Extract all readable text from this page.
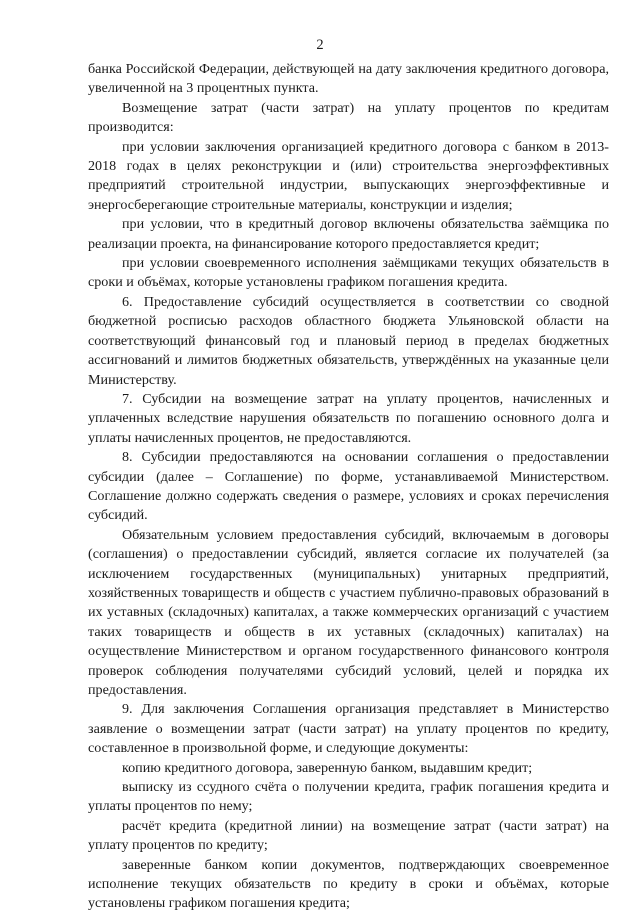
2

банка Российской Федерации, действующей на дату заключения кредитного договора, увеличенной на 3 процентных пункта.

Возмещение затрат (части затрат) на уплату процентов по кредитам производится:

при условии заключения организацией кредитного договора с банком в 2013-2018 годах в целях реконструкции и (или) строительства энергоэффективных предприятий строительной индустрии, выпускающих энергоэффективные и энергосберегающие строительные материалы, конструкции и изделия;

при условии, что в кредитный договор включены обязательства заёмщика по реализации проекта, на финансирование которого предоставляется кредит;

при условии своевременного исполнения заёмщиками текущих обязательств в сроки и объёмах, которые установлены графиком погашения кредита.

6. Предоставление субсидий осуществляется в соответствии со сводной бюджетной росписью расходов областного бюджета Ульяновской области на соответствующий финансовый год и плановый период в пределах бюджетных ассигнований и лимитов бюджетных обязательств, утверждённых на указанные цели Министерству.

7. Субсидии на возмещение затрат на уплату процентов, начисленных и уплаченных вследствие нарушения обязательств по погашению основного долга и уплаты начисленных процентов, не предоставляются.

8. Субсидии предоставляются на основании соглашения о предоставлении субсидии (далее – Соглашение) по форме, устанавливаемой Министерством. Соглашение должно содержать сведения о размере, условиях и сроках перечисления субсидий.

Обязательным условием предоставления субсидий, включаемым в договоры (соглашения) о предоставлении субсидий, является согласие их получателей (за исключением государственных (муниципальных) унитарных предприятий, хозяйственных товариществ и обществ с участием публично-правовых образований в их уставных (складочных) капиталах, а также коммерческих организаций с участием таких товариществ и обществ в их уставных (складочных) капиталах) на осуществление Министерством и органом государственного финансового контроля проверок соблюдения получателями субсидий условий, целей и порядка их предоставления.

9. Для заключения Соглашения организация представляет в Министерство заявление о возмещении затрат (части затрат) на уплату процентов по кредиту, составленное в произвольной форме, и следующие документы:

копию кредитного договора, заверенную банком, выдавшим кредит;

выписку из ссудного счёта о получении кредита, график погашения кредита и уплаты процентов по нему;

расчёт кредита (кредитной линии) на возмещение затрат (части затрат) на уплату процентов по кредиту;

заверенные банком копии документов, подтверждающих своевременное исполнение текущих обязательств по кредиту в сроки и объёмах, которые установлены графиком погашения кредита;
